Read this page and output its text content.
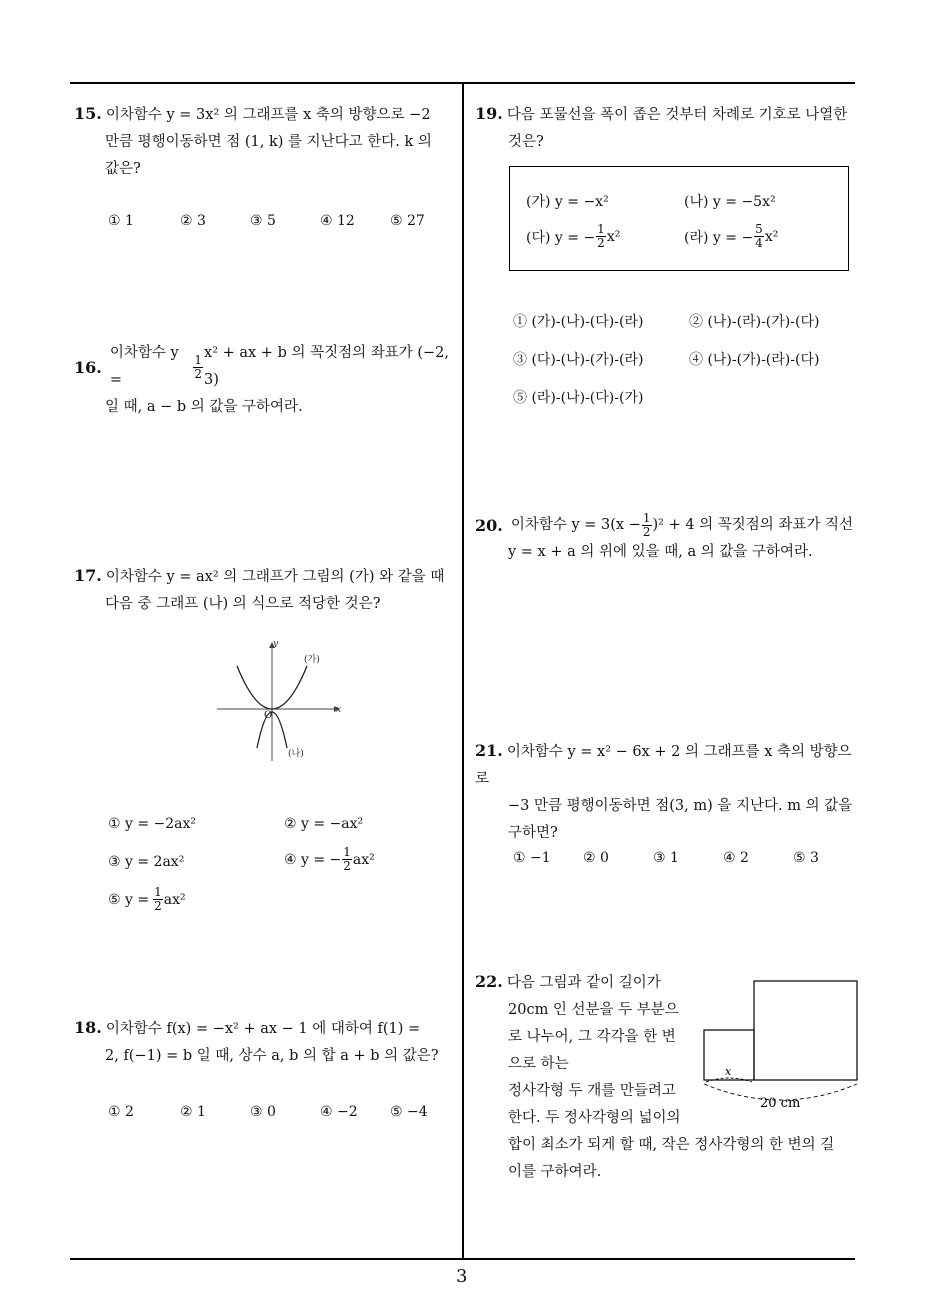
15. 이차함수 y = 3x² 의 그래프를 x 축의 방향으로 −2
만큼 평행이동하면 점 (1, k) 를 지난다고 한다. k 의
값은?
① 1	② 3	③ 5	④ 12	⑤ 27
16.
이차함수 y =	$\frac{1}{2}$
x² + ax + b 의 꼭짓점의 좌표가 (−2, 3)
일 때, a − b 의 값을 구하여라.
17. 이차함수 y = ax² 의 그래프가 그림의 (가) 와 같을 때
다음 중 그래프 (나) 의 식으로 적당한 것은?
y
x
O
(가)
(나)
① y = −2ax²	② y = −ax²
③ y = 2ax²	④ y = − $\frac{1}{2} ax^2$
⑤ $y = \frac{1}{2} ax^2$
18. 이차함수 f(x) = −x² + ax − 1 에 대하여 f(1) =
2, f(−1) = b 일 때, 상수 a, b 의 합 a + b 의 값은?
① 2	② 1	③ 0	④ −2 ⑤ −4
19. 다음 포물선을 폭이 좁은 것부터 차례로 기호로 나열한
것은?
(가) y = −x²	(나) y = −5x²
(다) y = − $\frac{1}{2} x^2$	(라) y = − $\frac{5}{4} x^2$
① (가)-(나)-(다)-(라)	② (나)-(라)-(가)-(다)
③ (다)-(나)-(가)-(라)	④ (나)-(가)-(라)-(다)
⑤ (라)-(나)-(다)-(가)
20. 이차함수 $y = 3(x - \frac{1}{2} )^2 + 4$ 의 꼭짓점의 좌표가 직선
y = x + a 의 위에 있을 때, a 의 값을 구하여라.
21. 이차함수 y = x² − 6x + 2 의 그래프를 x 축의 방향으로
−3 만큼 평행이동하면 점(3, m) 을 지난다. m 의 값을
구하면?
① −1 ② 0	③ 1	④ 2	⑤ 3
22. 다음 그림과 같이 길이가
20cm 인 선분을 두 부분으
로 나누어, 그 각각을 한 변
으로 하는
정사각형 두 개를 만들려고
한다. 두 정사각형의 넓이의
합이 최소가 되게 할 때, 작은 정사각형의 한 변의 길
이를 구하여라.
x
20 cm
3
